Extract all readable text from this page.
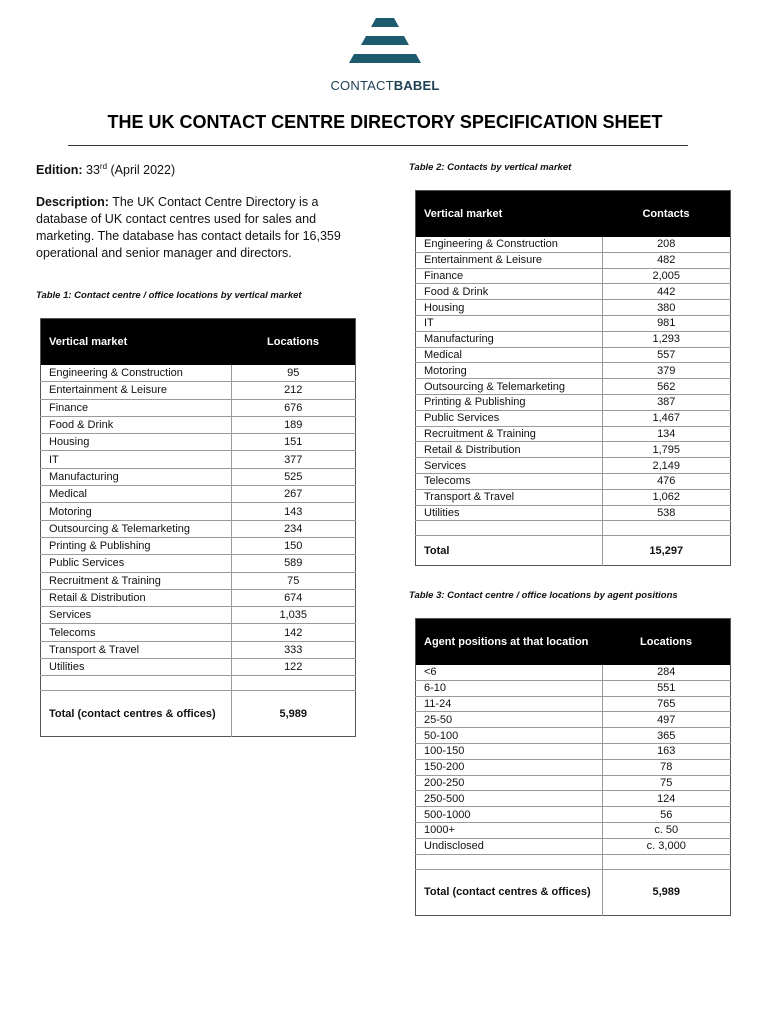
CONTACTBABEL
THE UK CONTACT CENTRE DIRECTORY SPECIFICATION SHEET
Edition: 33rd (April 2022)

Description: The UK Contact Centre Directory is a database of UK contact centres used for sales and marketing. The database has contact details for 16,359 operational and senior manager and directors.

Table 1: Contact centre / office locations by vertical market

Vertical market	Locations
Engineering & Construction	95
Entertainment & Leisure	212
Finance	676
Food & Drink	189
Housing	151
IT	377
Manufacturing	525
Medical	267
Motoring	143
Outsourcing & Telemarketing	234
Printing & Publishing	150
Public Services	589
Recruitment & Training	75
Retail & Distribution	674
Services	1,035
Telecoms	142
Transport & Travel	333
Utilities	122

Total (contact centres & offices)	5,989

Table 2: Contacts by vertical market

Vertical market	Contacts
Engineering & Construction	208
Entertainment & Leisure	482
Finance	2,005
Food & Drink	442
Housing	380
IT	981
Manufacturing	1,293
Medical	557
Motoring	379
Outsourcing & Telemarketing	562
Printing & Publishing	387
Public Services	1,467
Recruitment & Training	134
Retail & Distribution	1,795
Services	2,149
Telecoms	476
Transport & Travel	1,062
Utilities	538

Total	15,297

Table 3: Contact centre / office locations by agent positions

Agent positions at that location	Locations
<6	284
6-10	551
11-24	765
25-50	497
50-100	365
100-150	163
150-200	78
200-250	75
250-500	124
500-1000	56
1000+	c. 50
Undisclosed	c. 3,000

Total (contact centres & offices)	5,989
